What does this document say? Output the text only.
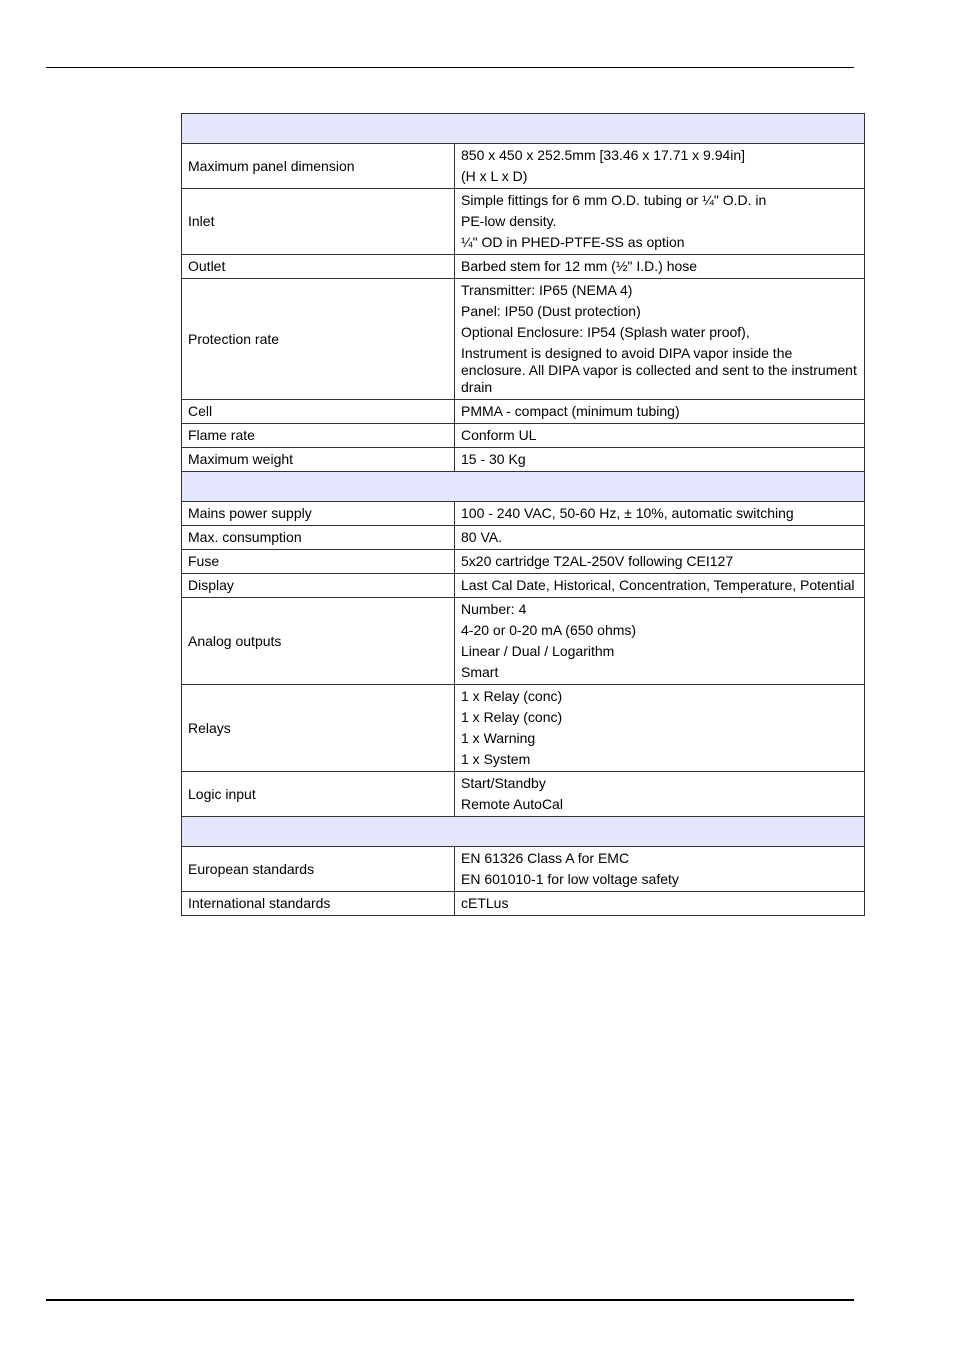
Maximum panel dimension	850 x 450 x 252.5mm [33.46 x 17.71 x 9.94in]
(H x L x D)

Inlet	Simple fittings for 6 mm O.D. tubing or ¼" O.D. in
PE-low density.
¼" OD in PHED-PTFE-SS as option

Outlet	Barbed stem for 12 mm (½" I.D.) hose

Protection rate	Transmitter: IP65 (NEMA 4)
Panel: IP50 (Dust protection)
Optional Enclosure: IP54 (Splash water proof),
Instrument is designed to avoid DIPA vapor inside the enclosure. All DIPA vapor is collected and sent to the instrument drain

Cell	PMMA - compact (minimum tubing)

Flame rate	Conform UL

Maximum weight	15 - 30 Kg

Mains power supply	100 - 240 VAC, 50-60 Hz, ± 10%, automatic switching

Max. consumption	80 VA.

Fuse	5x20 cartridge T2AL-250V following CEI127

Display	Last Cal Date, Historical, Concentration, Temperature, Potential

Analog outputs	Number: 4
4-20 or 0-20 mA (650 ohms)
Linear / Dual / Logarithm
Smart

Relays	1 x Relay (conc)
1 x Relay (conc)
1 x Warning
1 x System

Logic input	Start/Standby
Remote AutoCal

European standards	EN 61326 Class A for EMC
EN 601010-1 for low voltage safety

International standards	cETLus
